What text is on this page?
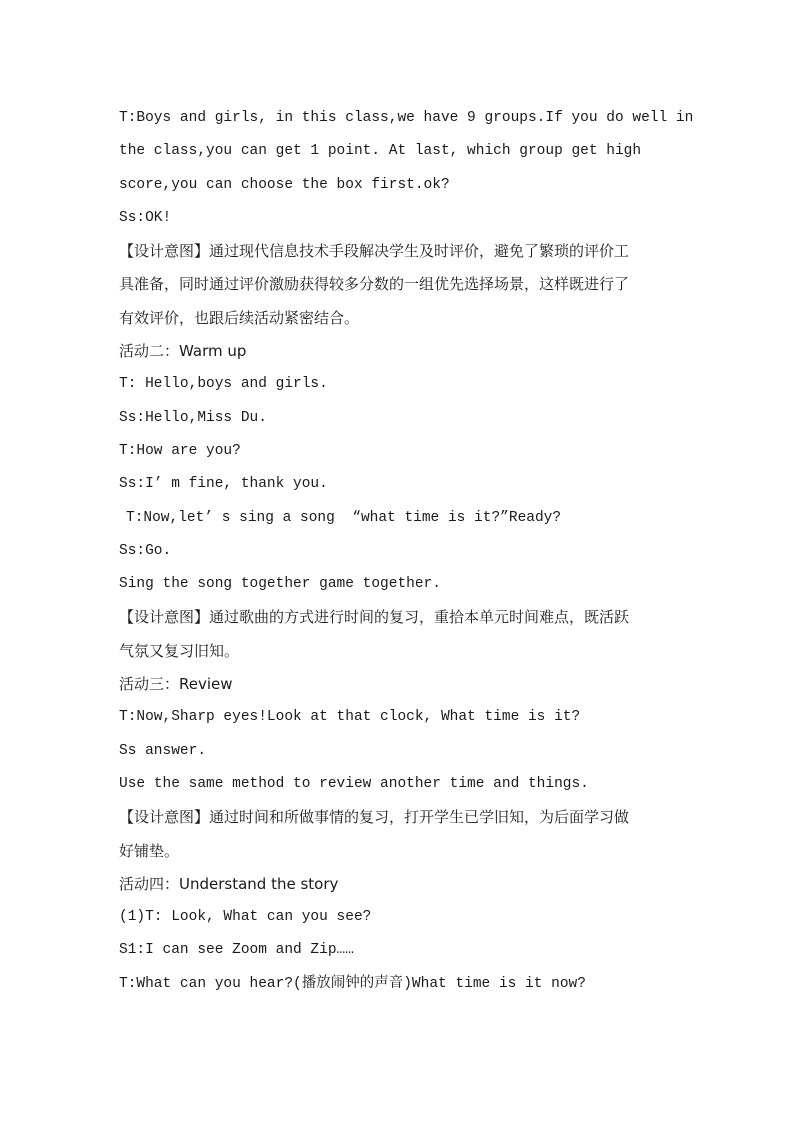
T:Boys and girls, in this class,we have 9 groups.If you do well in
the class,you can get 1 point. At last, which group get high
score,you can choose the box first.ok?
Ss:OK!
【设计意图】通过现代信息技术手段解决学生及时评价，避免了繁琐的评价工
具准备，同时通过评价激励获得较多分数的一组优先选择场景，这样既进行了
有效评价，也跟后续活动紧密结合。
活动二：Warm up
T: Hello,boys and girls.
Ss:Hello,Miss Du.
T:How are you?
Ss:I’ m fine, thank you.
T:Now,let’ s sing a song  “what time is it?”Ready?
Ss:Go.
Sing the song together game together.
【设计意图】通过歌曲的方式进行时间的复习，重拾本单元时间难点，既活跃
气氛又复习旧知。
活动三：Review
T:Now,Sharp eyes!Look at that clock, What time is it?
Ss answer.
Use the same method to review another time and things.
【设计意图】通过时间和所做事情的复习，打开学生已学旧知，为后面学习做
好铺垫。
活动四：Understand the story
(1)T: Look, What can you see?
S1:I can see Zoom and Zip……
T:What can you hear?(播放闹钟的声音)What time is it now?
